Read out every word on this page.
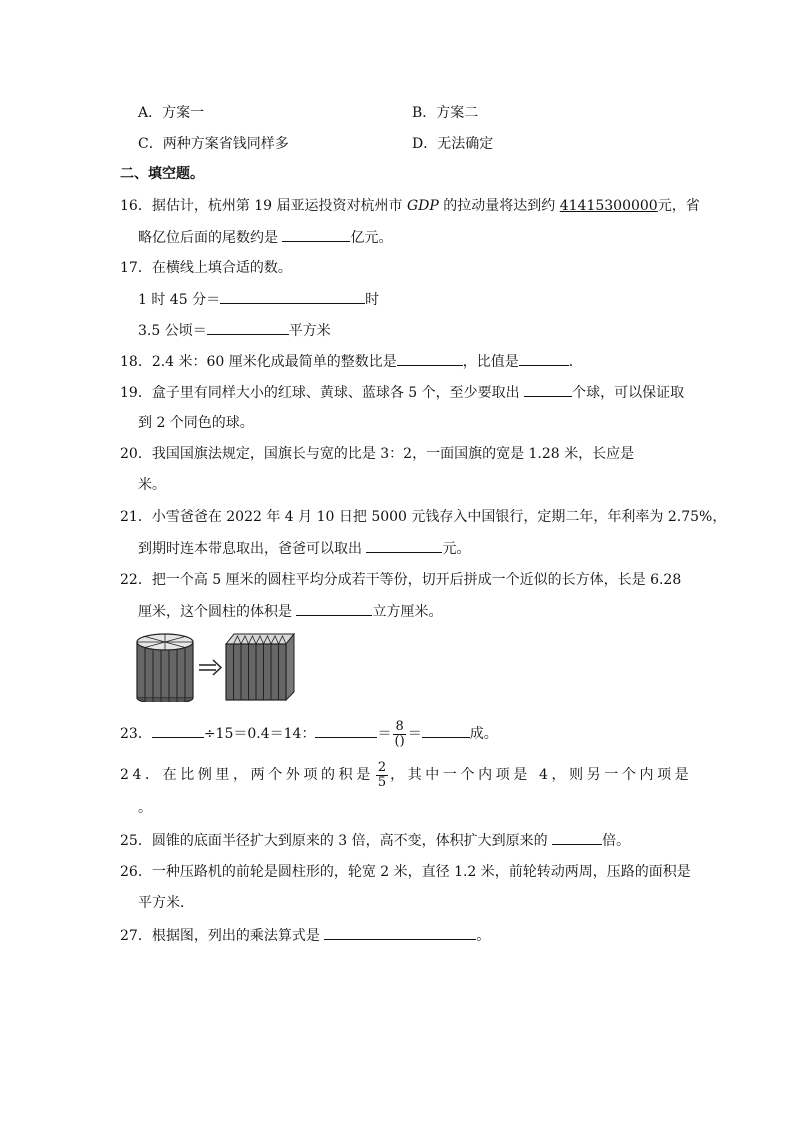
A．方案一	B．方案二
C．两种方案省钱同样多	D．无法确定
二、填空题。
16．据估计，杭州第 19 届亚运投资对杭州市 GDP 的拉动量将达到约 41415300000元，省
略亿位后面的尾数约是	亿元。
17．在横线上填合适的数。
1 时 45 分＝	时
3.5 公顷＝	平方米
18．2.4 米：60 厘米化成最简单的整数比是	，比值是	．
19．盒子里有同样大小的红球、黄球、蓝球各 5 个，至少要取出	个球，可以保证取
到 2 个同色的球。
20．我国国旗法规定，国旗长与宽的比是 3：2，一面国旗的宽是 1.28 米，长应是
米。
21．小雪爸爸在 2022 年 4 月 10 日把 5000 元钱存入中国银行，定期二年，年利率为 2.75%，
到期时连本带息取出，爸爸可以取出	元。
22．把一个高 5 厘米的圆柱平均分成若干等份，切开后拼成一个近似的长方体，长是 6.28
厘米，这个圆柱的体积是	立方厘米。
23．	÷15＝0.4＝14：	＝ $\frac{8}{()}$ ＝	成。
24．在比例里，两个外项的积是 $\frac{2}{5}$ ，其中一个内项是 4，则另一个内项是
。
25．圆锥的底面半径扩大到原来的 3 倍，高不变，体积扩大到原来的	倍。
26．一种压路机的前轮是圆柱形的，轮宽 2 米，直径 1.2 米，前轮转动两周，压路的面积是
平方米．
27．根据图，列出的乘法算式是	。
